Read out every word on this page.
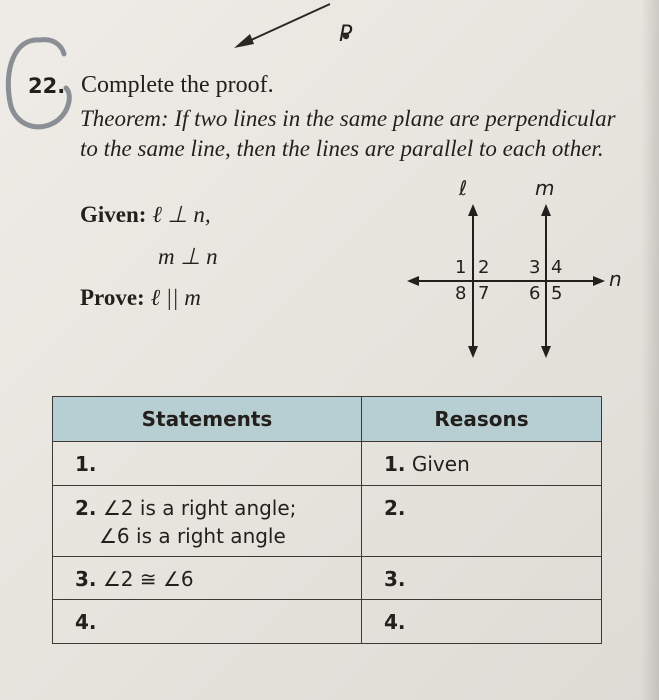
P
22. Complete the proof.
Theorem: If two lines in the same plane are perpendicular to the same line, then the lines are parallel to each other.
Given: ℓ ⊥ n,
m ⊥ n
Prove: ℓ || m
ℓ	m
n
1 2 3 4
5
6
7
8
Statements	Reasons
1.	1. Given
2. ∠2 is a right angle;
∠6 is a right angle	2.
3. ∠2 ≅ ∠6	3.
4.	4.
